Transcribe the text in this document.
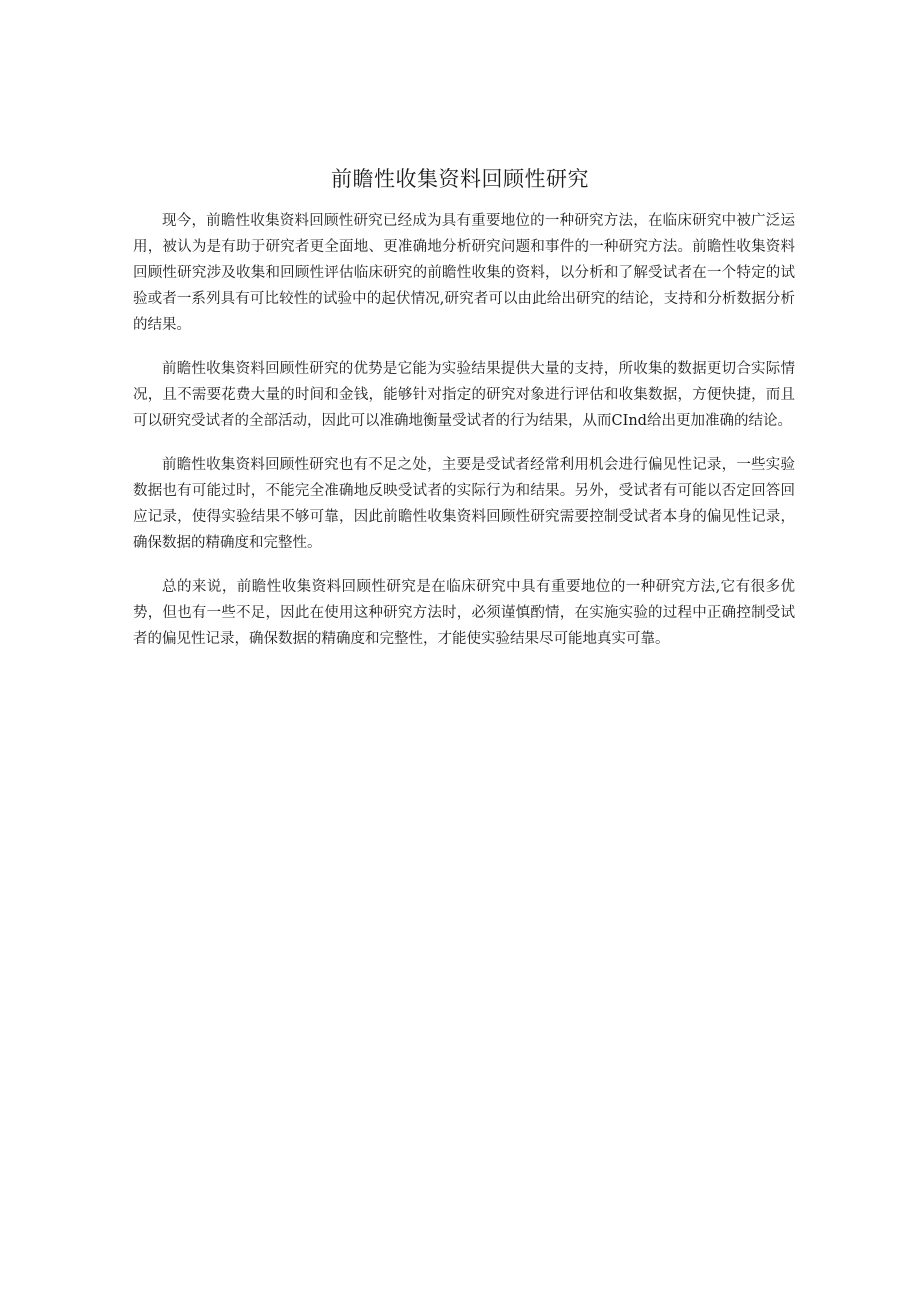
前瞻性收集资料回顾性研究

现今，前瞻性收集资料回顾性研究已经成为具有重要地位的一种研究方法，在临床研究中被广泛运用，被认为是有助于研究者更全面地、更准确地分析研究问题和事件的一种研究方法。前瞻性收集资料回顾性研究涉及收集和回顾性评估临床研究的前瞻性收集的资料，以分析和了解受试者在一个特定的试验或者一系列具有可比较性的试验中的起伏情况,研究者可以由此给出研究的结论，支持和分析数据分析的结果。

前瞻性收集资料回顾性研究的优势是它能为实验结果提供大量的支持，所收集的数据更切合实际情况，且不需要花费大量的时间和金钱，能够针对指定的研究对象进行评估和收集数据，方便快捷，而且可以研究受试者的全部活动，因此可以准确地衡量受试者的行为结果，从而CInd给出更加准确的结论。

前瞻性收集资料回顾性研究也有不足之处，主要是受试者经常利用机会进行偏见性记录，一些实验数据也有可能过时，不能完全准确地反映受试者的实际行为和结果。另外，受试者有可能以否定回答回应记录，使得实验结果不够可靠，因此前瞻性收集资料回顾性研究需要控制受试者本身的偏见性记录，确保数据的精确度和完整性。

总的来说，前瞻性收集资料回顾性研究是在临床研究中具有重要地位的一种研究方法,它有很多优势，但也有一些不足，因此在使用这种研究方法时，必须谨慎酌情，在实施实验的过程中正确控制受试者的偏见性记录，确保数据的精确度和完整性，才能使实验结果尽可能地真实可靠。
